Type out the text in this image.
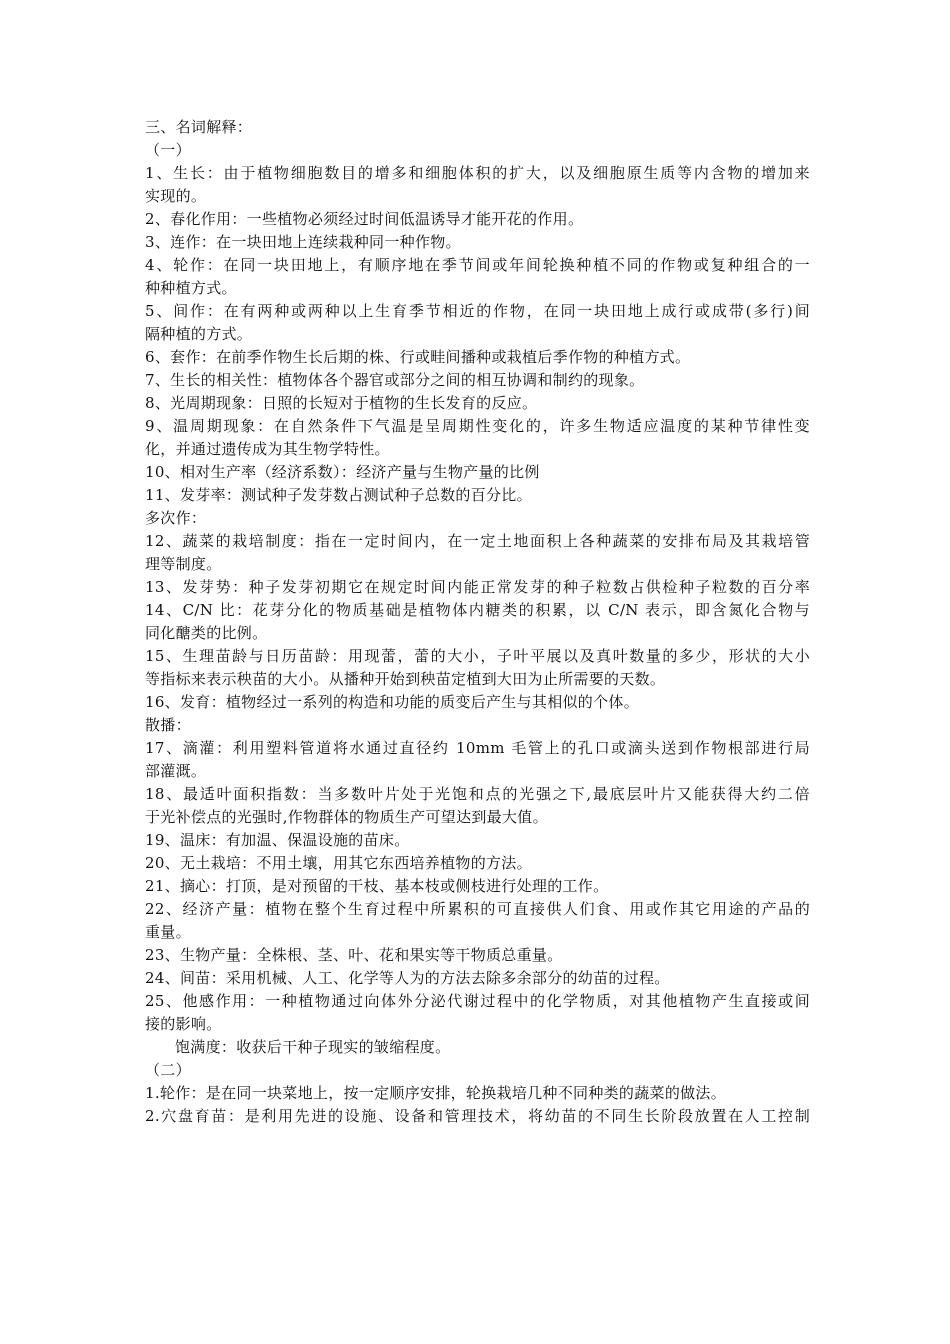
三、名词解释：
（一）
1、生长：由于植物细胞数目的增多和细胞体积的扩大，以及细胞原生质等内含物的增加来
实现的。
2、春化作用：一些植物必须经过时间低温诱导才能开花的作用。
3、连作：在一块田地上连续栽种同一种作物。
4、轮作：在同一块田地上，有顺序地在季节间或年间轮换种植不同的作物或复种组合的一
种种植方式。
5、间作：在有两种或两种以上生育季节相近的作物，在同一块田地上成行或成带(多行)间
隔种植的方式。
6、套作：在前季作物生长后期的株、行或畦间播种或栽植后季作物的种植方式。
7、生长的相关性：植物体各个器官或部分之间的相互协调和制约的现象。
8、光周期现象：日照的长短对于植物的生长发育的反应。
9、温周期现象：在自然条件下气温是呈周期性变化的，许多生物适应温度的某种节律性变
化，并通过遗传成为其生物学特性。
10、相对生产率（经济系数）：经济产量与生物产量的比例
11、发芽率：测试种子发芽数占测试种子总数的百分比。
多次作：
12、蔬菜的栽培制度：指在一定时间内，在一定土地面积上各种蔬菜的安排布局及其栽培管
理等制度。
13、发芽势：种子发芽初期它在规定时间内能正常发芽的种子粒数占供检种子粒数的百分率
14、C/N 比：花芽分化的物质基础是植物体内糖类的积累，以 C/N 表示，即含氮化合物与
同化醣类的比例。
15、生理苗龄与日历苗龄：用现蕾，蕾的大小，子叶平展以及真叶数量的多少，形状的大小
等指标来表示秧苗的大小。从播种开始到秧苗定植到大田为止所需要的天数。
16、发育：植物经过一系列的构造和功能的质变后产生与其相似的个体。
散播：
17、滴灌：利用塑料管道将水通过直径约 10mm 毛管上的孔口或滴头送到作物根部进行局
部灌溉。
18、最适叶面积指数：当多数叶片处于光饱和点的光强之下,最底层叶片又能获得大约二倍
于光补偿点的光强时,作物群体的物质生产可望达到最大值。
19、温床：有加温、保温设施的苗床。
20、无土栽培：不用土壤，用其它东西培养植物的方法。
21、摘心：打顶，是对预留的干枝、基本枝或侧枝进行处理的工作。
22、经济产量：植物在整个生育过程中所累积的可直接供人们食、用或作其它用途的产品的
重量。
23、生物产量：全株根、茎、叶、花和果实等干物质总重量。
24、间苗：采用机械、人工、化学等人为的方法去除多余部分的幼苗的过程。
25、他感作用：一种植物通过向体外分泌代谢过程中的化学物质，对其他植物产生直接或间
接的影响。
饱满度：收获后干种子现实的皱缩程度。
（二）
1.轮作：是在同一块菜地上，按一定顺序安排，轮换栽培几种不同种类的蔬菜的做法。
2.穴盘育苗：是利用先进的设施、设备和管理技术，将幼苗的不同生长阶段放置在人工控制
